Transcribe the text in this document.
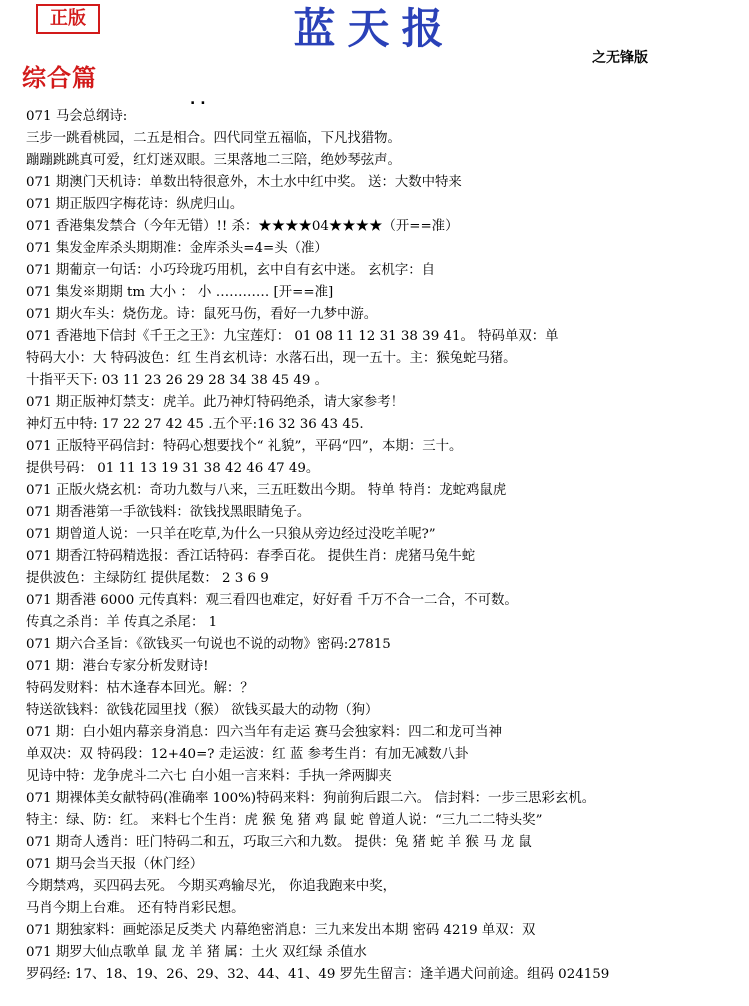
正版	蓝天报
之无锋版
综合篇
. .
071 马会总纲诗:
三步一跳看桃园，二五是相合。四代同堂五福临，下凡找猎物。
蹦蹦跳跳真可爱，红灯迷双眼。三果落地二三陪，绝妙琴弦声。
071 期澳门天机诗：单数出特很意外，木土水中红中奖。 送：大数中特来
071 期正版四字梅花诗：纵虎归山。
071 香港集发禁合（今年无错）!! 杀：★★★★04★★★★（开==准）
071 集发金库杀头期期准：金库杀头=4=头（准）
071 期葡京一句话：小巧玲珑巧用机，玄中自有玄中迷。 玄机字：自
071 集发※期期 tm 大小 ： 小 ………… [开==准]
071 期火车头：烧伤龙。诗：鼠死马伤，看好一九梦中游。
071 香港地下信封《千王之王》：九宝莲灯： 01 08 11 12 31 38 39 41。 特码单双：单
特码大小：大 特码波色：红 生肖玄机诗：水落石出，现一五十。主：猴兔蛇马猪。
十指平天下: 03 11 23 26 29 28 34 38 45 49 。
071 期正版神灯禁支：虎羊。此乃神灯特码绝杀，请大家参考！
神灯五中特: 17 22 27 42 45 .五个平:16 32 36 43 45.
071 正版特平码信封：特码心想要找个“ 礼貌”，平码“四”，本期：三十。
提供号码： 01 11 13 19 31 38 42 46 47 49。
071 正版火烧玄机：奇功九数与八来，三五旺数出今期。 特单 特肖：龙蛇鸡鼠虎
071 期香港第一手欲钱料：欲钱找黑眼睛兔子。
071 期曾道人说：一只羊在吃草,为什么一只狼从旁边经过没吃羊呢?”
071 期香江特码精选报：香江话特码：春季百花。 提供生肖：虎猪马兔牛蛇
提供波色：主绿防红 提供尾数： 2 3 6 9
071 期香港 6000 元传真料：观三看四也难定，好好看 千万不合一二合，不可数。
传真之杀肖：羊 传真之杀尾： 1
071 期六合圣旨：《欲钱买一句说也不说的动物》密码:27815
071 期：港台专家分析发财诗!
特码发财料：枯木逢春本回光。解：？
特送欲钱料：欲钱花园里找（猴） 欲钱买最大的动物（狗）
071 期：白小姐内幕亲身消息：四六当年有走运 赛马会独家料：四二和龙可当神
单双决：双 特码段：12+40=? 走运波：红 蓝 参考生肖：有加无减数八卦
见诗中特：龙争虎斗二六七 白小姐一言来料：手执一斧两脚夹
071 期裸体美女献特码(准确率 100%)特码来料：狗前狗后跟二六。 信封料：一步三思彩玄机。
特主：绿、防：红。 来料七个生肖：虎 猴 兔 猪 鸡 鼠 蛇 曾道人说：“三九二二特头奖”
071 期奇人透肖：旺门特码二和五，巧取三六和九数。 提供：兔 猪 蛇 羊 猴 马 龙 鼠
071 期马会当天报（休门经）
今期禁鸡，买四码去死。 今期买鸡输尽光， 你追我跑来中奖，
马肖今期上台难。 还有特肖彩民想。
071 期独家料：画蛇添足反类犬 内幕绝密消息：三九来发出本期 密码 4219 单双：双
071 期罗大仙点歌单 鼠 龙 羊 猪 属：土火 双红绿 杀值水
罗码经: 17、18、19、26、29、32、44、41、49 罗先生留言：逢羊遇犬问前途。组码 024159
